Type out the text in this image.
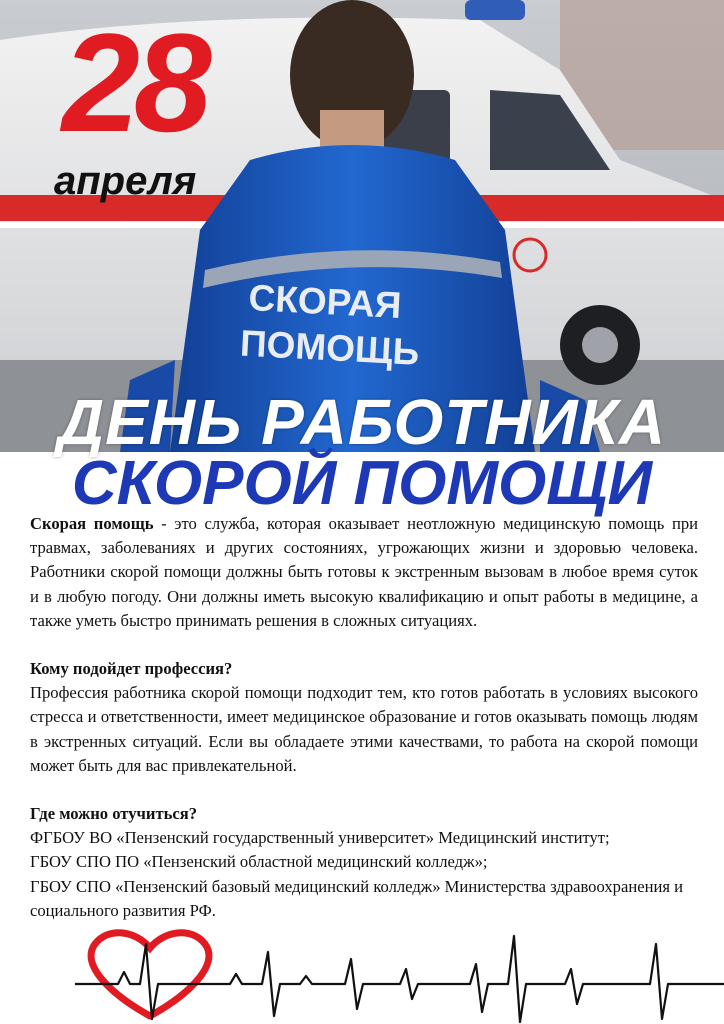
28
апреля
СКОРАЯ
ПОМОЩЬ
ДЕНЬ РАБОТНИКА
СКОРОЙ ПОМОЩИ

Скорая помощь - это служба, которая оказывает неотложную медицинскую помощь при травмах, заболеваниях и других состояниях, угрожающих жизни и здоровью человека. Работники скорой помощи должны быть готовы к экстренным вызовам в любое время суток и в любую погоду. Они должны иметь высокую квалификацию и опыт работы в медицине, а также уметь быстро принимать решения в сложных ситуациях.

Кому подойдет профессия?

Профессия работника скорой помощи подходит тем, кто готов работать в условиях высокого стресса и ответственности, имеет медицинское образование и готов оказывать помощь людям в экстренных ситуаций. Если вы обладаете этими качествами, то работа на скорой помощи может быть для вас привлекательной.

Где можно отучиться?

ФГБОУ ВО «Пензенский государственный университет» Медицинский институт;

ГБОУ СПО ПО «Пензенский областной медицинский колледж»;

ГБОУ СПО «Пензенский базовый медицинский колледж» Министерства здравоохранения и социального развития РФ.
